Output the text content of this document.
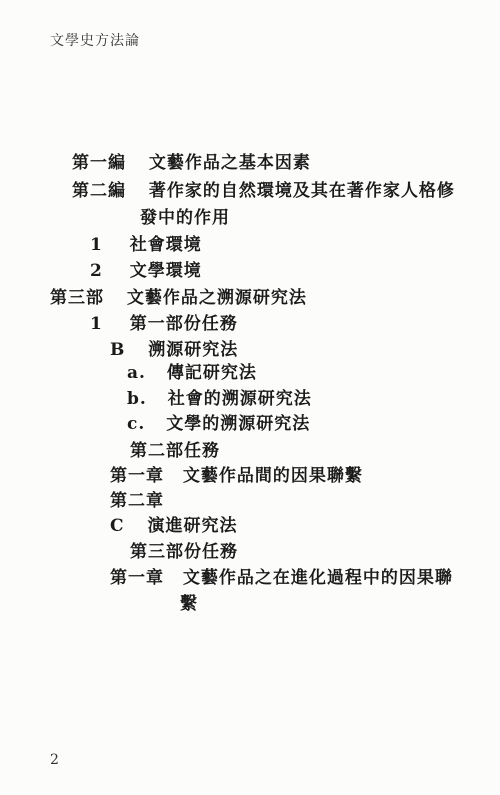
文學史方法論
第一編 文藝作品之基本因素
第二編 著作家的自然環境及其在著作家人格修
發中的作用
1 社會環境
2 文學環境
第三部 文藝作品之溯源研究法
1 第一部份任務
B 溯源研究法
a. 傳記研究法
b. 社會的溯源研究法
c. 文學的溯源研究法
第二部任務
第一章 文藝作品間的因果聯繫
第二章
C 演進研究法
第三部份任務
第一章 文藝作品之在進化過程中的因果聯
繫
2
